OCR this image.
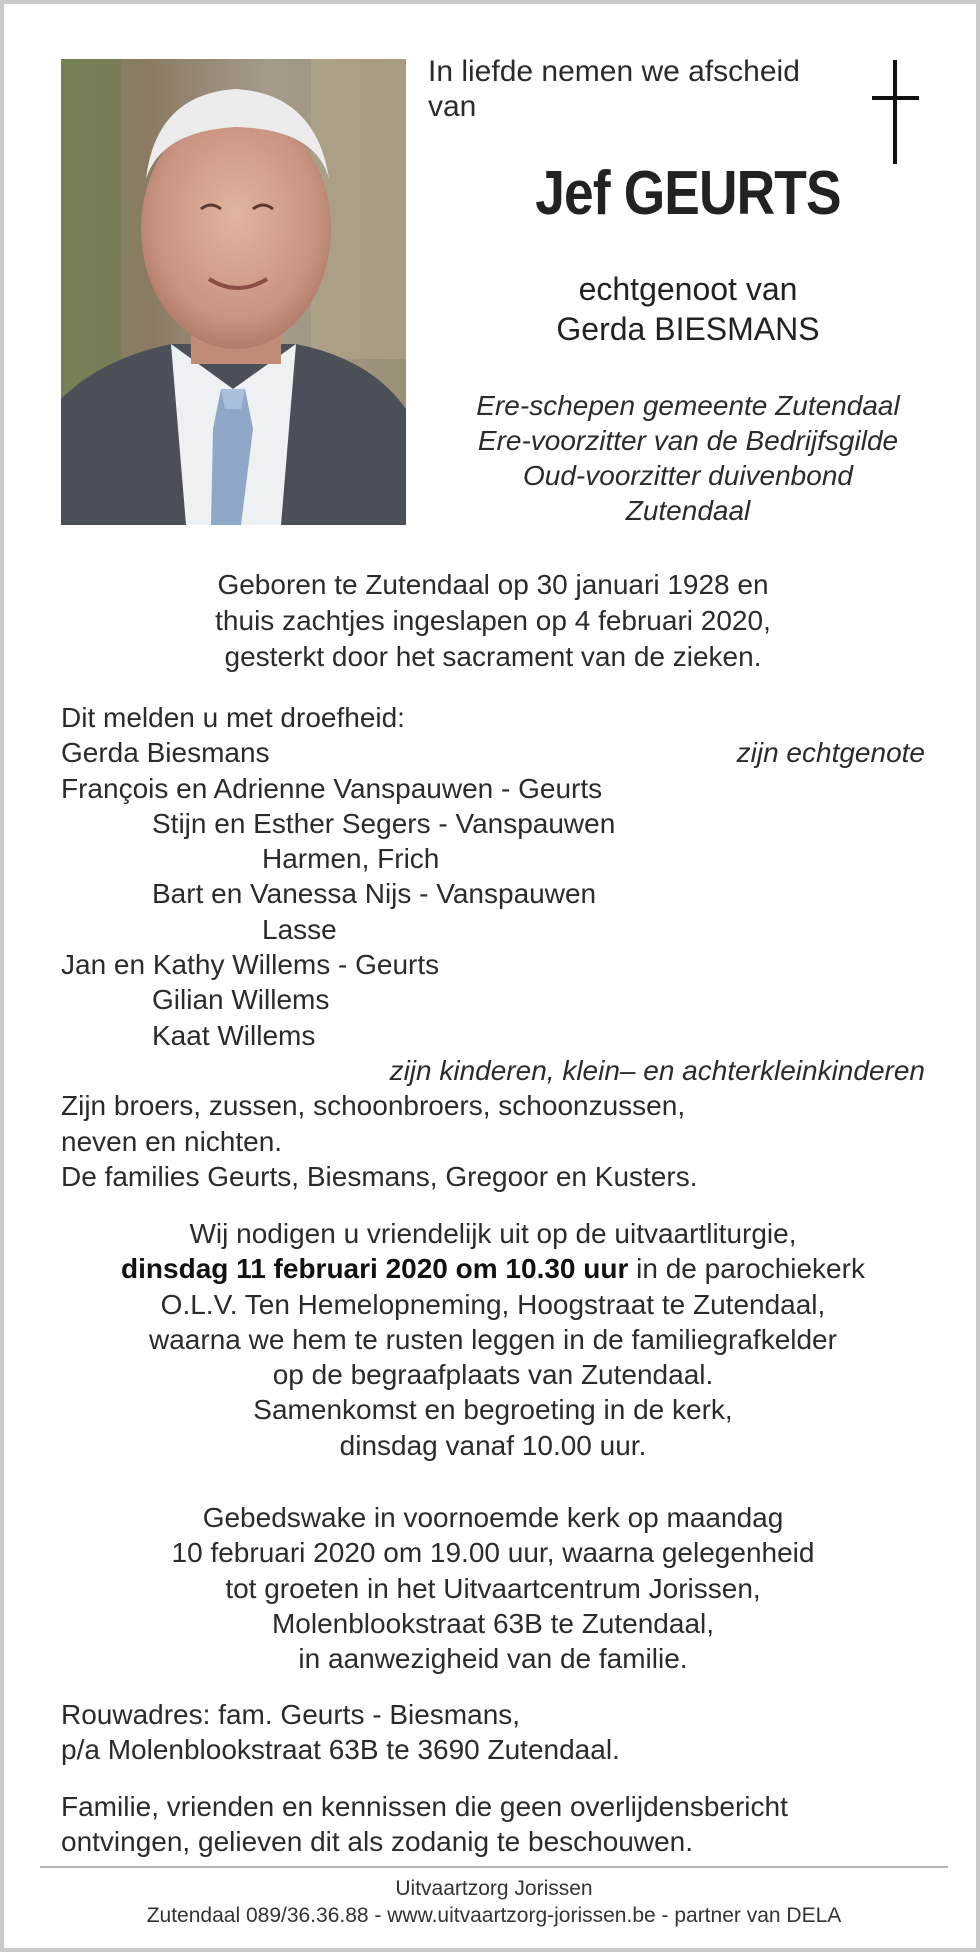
In liefde nemen we afscheid
van
Jef GEURTS
echtgenoot van
Gerda BIESMANS
Ere-schepen gemeente Zutendaal
Ere-voorzitter van de Bedrijfsgilde
Oud-voorzitter duivenbond
Zutendaal
Geboren te Zutendaal op 30 januari 1928 en
thuis zachtjes ingeslapen op 4 februari 2020,
gesterkt door het sacrament van de zieken.
Dit melden u met droefheid:
Gerda Biesmans	zijn echtgenote
François en Adrienne Vanspauwen - Geurts
Stijn en Esther Segers - Vanspauwen
Harmen, Frich
Bart en Vanessa Nijs - Vanspauwen
Lasse
Jan en Kathy Willems - Geurts
Gilian Willems
Kaat Willems
zijn kinderen, klein– en achterkleinkinderen
Zijn broers, zussen, schoonbroers, schoonzussen,
neven en nichten.
De families Geurts, Biesmans, Gregoor en Kusters.
Wij nodigen u vriendelijk uit op de uitvaartliturgie,
dinsdag 11 februari 2020 om 10.30 uur in de parochiekerk
O.L.V. Ten Hemelopneming, Hoogstraat te Zutendaal,
waarna we hem te rusten leggen in de familiegrafkelder
op de begraafplaats van Zutendaal.
Samenkomst en begroeting in de kerk,
dinsdag vanaf 10.00 uur.
Gebedswake in voornoemde kerk op maandag
10 februari 2020 om 19.00 uur, waarna gelegenheid
tot groeten in het Uitvaartcentrum Jorissen,
Molenblookstraat 63B te Zutendaal,
in aanwezigheid van de familie.
Rouwadres: fam. Geurts - Biesmans,
p/a Molenblookstraat 63B te 3690 Zutendaal.
Familie, vrienden en kennissen die geen overlijdensbericht
ontvingen, gelieven dit als zodanig te beschouwen.
Uitvaartzorg Jorissen
Zutendaal 089/36.36.88 - www.uitvaartzorg-jorissen.be - partner van DELA
